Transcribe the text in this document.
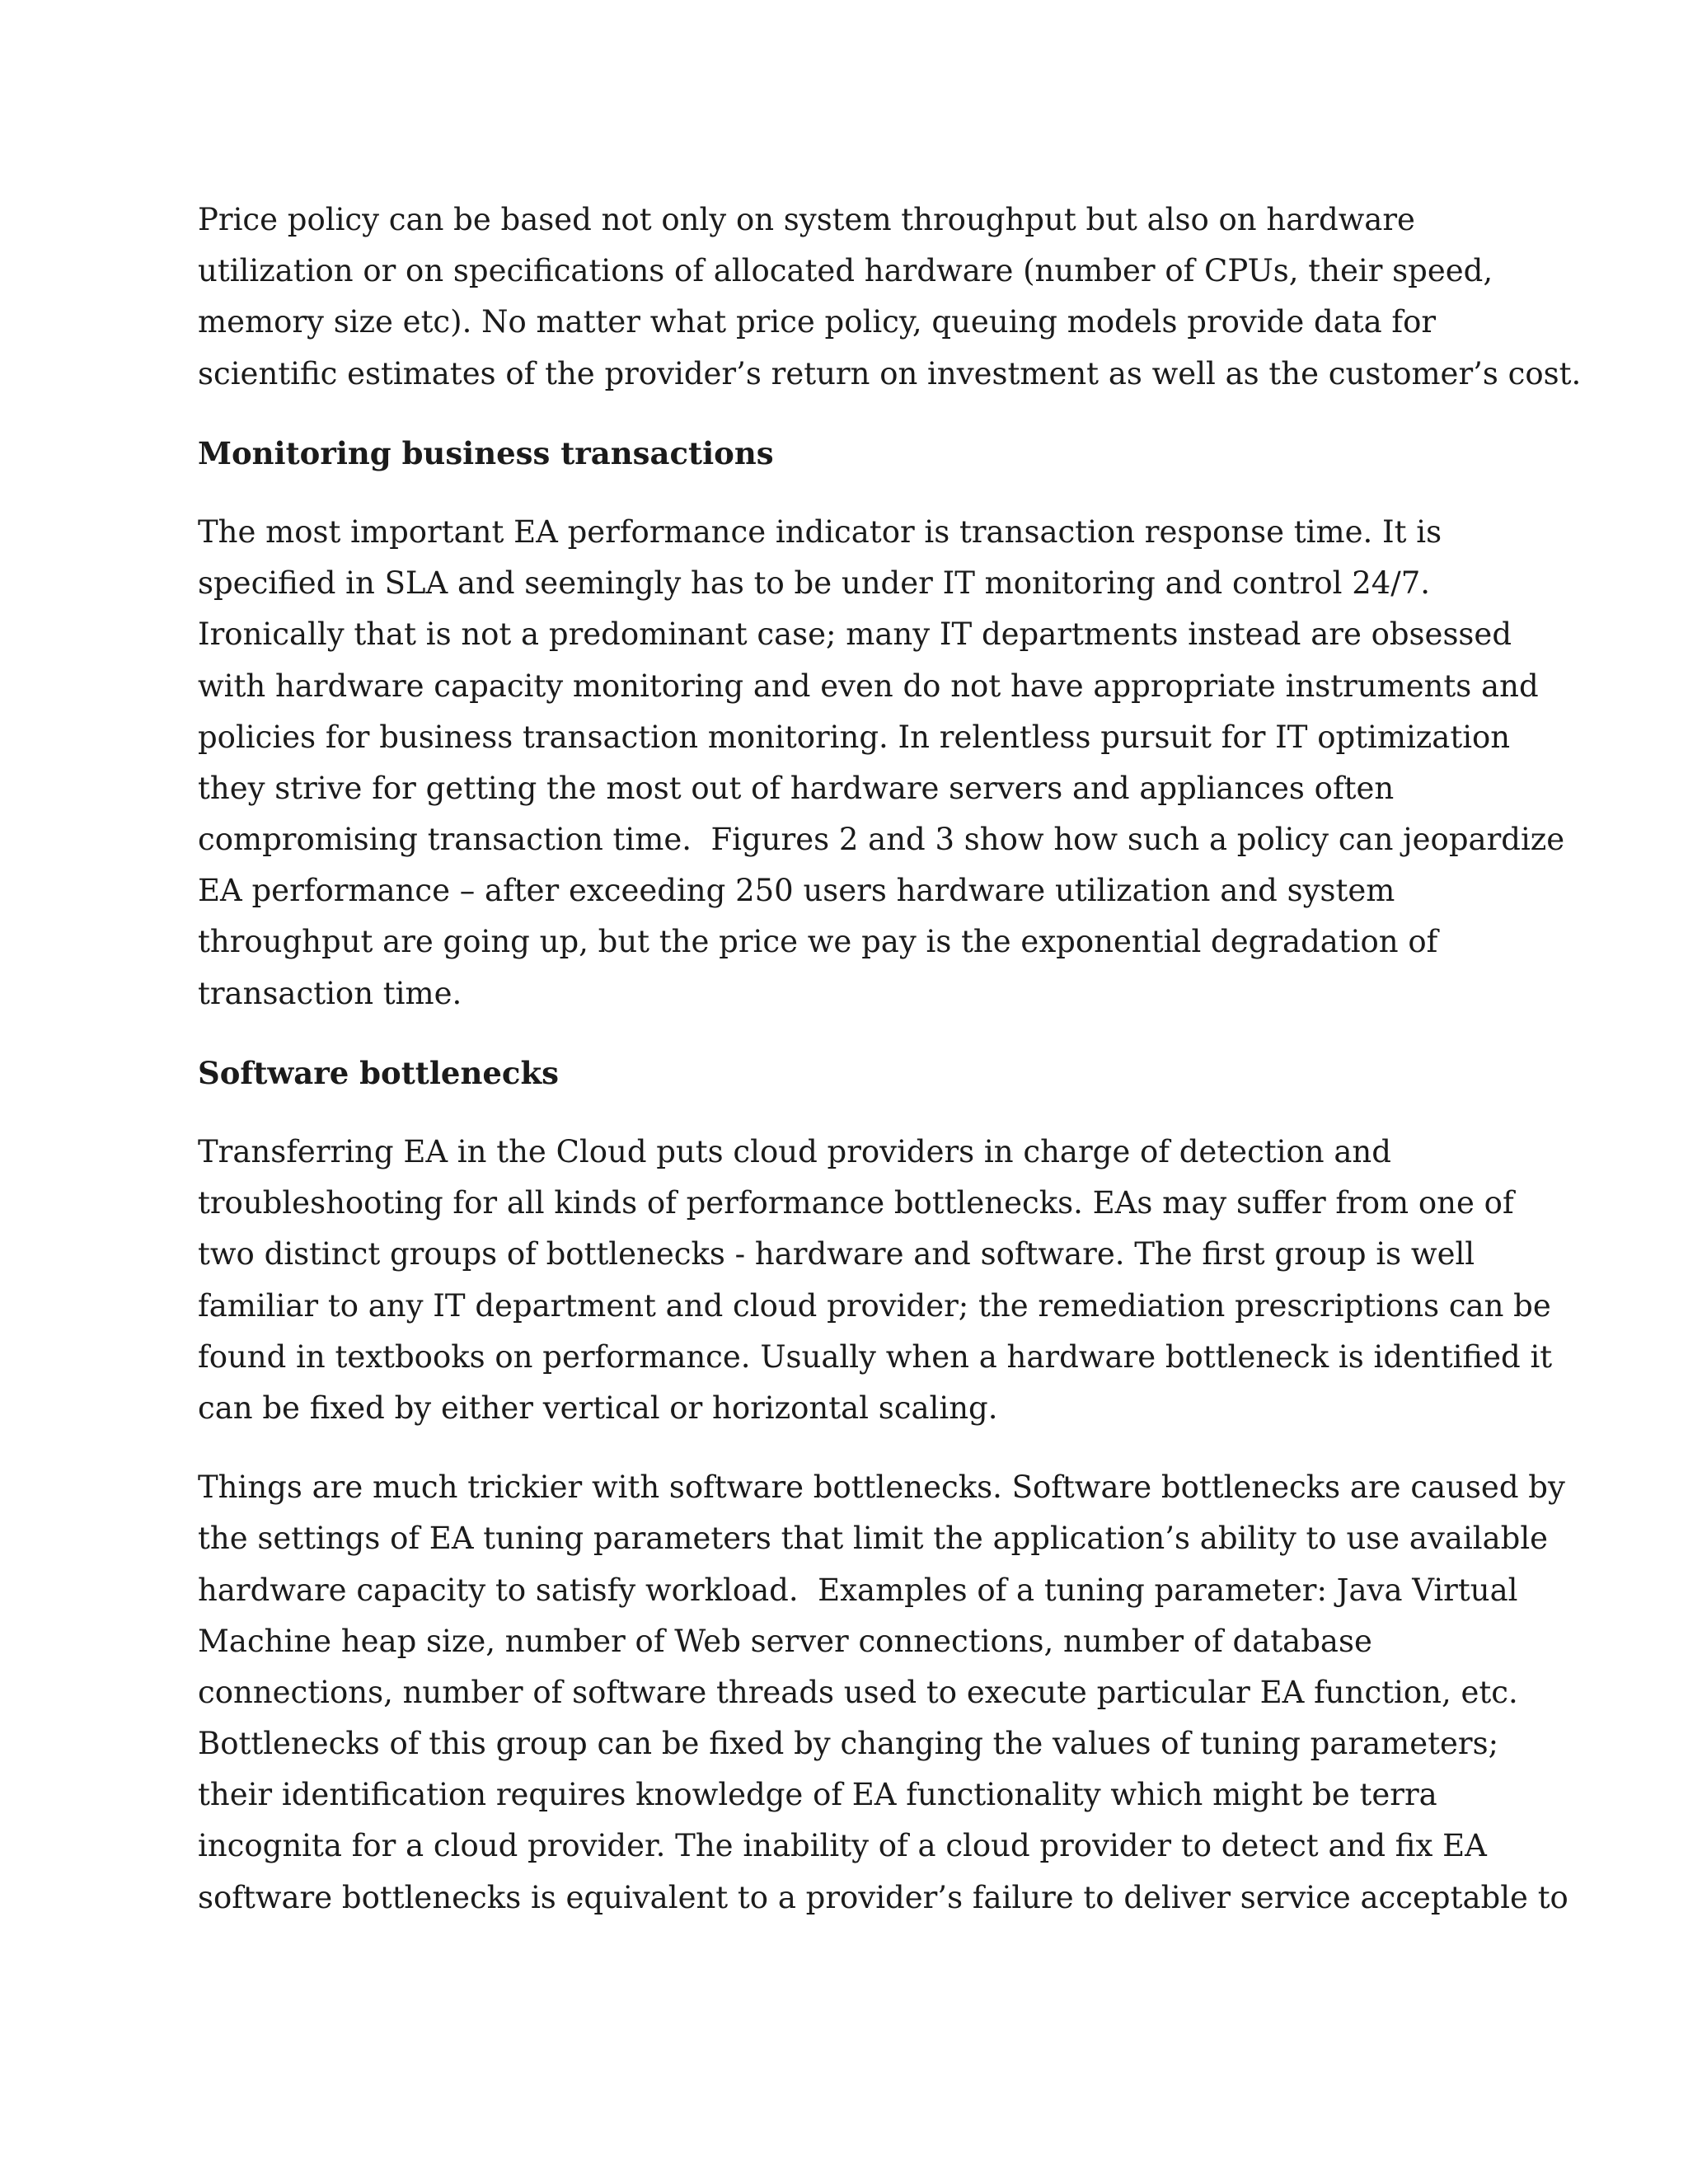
Price policy can be based not only on system throughput but also on hardware
utilization or on specifications of allocated hardware (number of CPUs, their speed,
memory size etc). No matter what price policy, queuing models provide data for
scientific estimates of the provider’s return on investment as well as the customer’s cost.
Monitoring business transactions
The most important EA performance indicator is transaction response time. It is
specified in SLA and seemingly has to be under IT monitoring and control 24/7.
Ironically that is not a predominant case; many IT departments instead are obsessed
with hardware capacity monitoring and even do not have appropriate instruments and
policies for business transaction monitoring. In relentless pursuit for IT optimization
they strive for getting the most out of hardware servers and appliances often
compromising transaction time.  Figures 2 and 3 show how such a policy can jeopardize
EA performance – after exceeding 250 users hardware utilization and system
throughput are going up, but the price we pay is the exponential degradation of
transaction time.
Software bottlenecks
Transferring EA in the Cloud puts cloud providers in charge of detection and
troubleshooting for all kinds of performance bottlenecks. EAs may suffer from one of
two distinct groups of bottlenecks - hardware and software. The first group is well
familiar to any IT department and cloud provider; the remediation prescriptions can be
found in textbooks on performance. Usually when a hardware bottleneck is identified it
can be fixed by either vertical or horizontal scaling.
Things are much trickier with software bottlenecks. Software bottlenecks are caused by
the settings of EA tuning parameters that limit the application’s ability to use available
hardware capacity to satisfy workload.  Examples of a tuning parameter: Java Virtual
Machine heap size, number of Web server connections, number of database
connections, number of software threads used to execute particular EA function, etc.
Bottlenecks of this group can be fixed by changing the values of tuning parameters;
their identification requires knowledge of EA functionality which might be terra
incognita for a cloud provider. The inability of a cloud provider to detect and fix EA
software bottlenecks is equivalent to a provider’s failure to deliver service acceptable to
